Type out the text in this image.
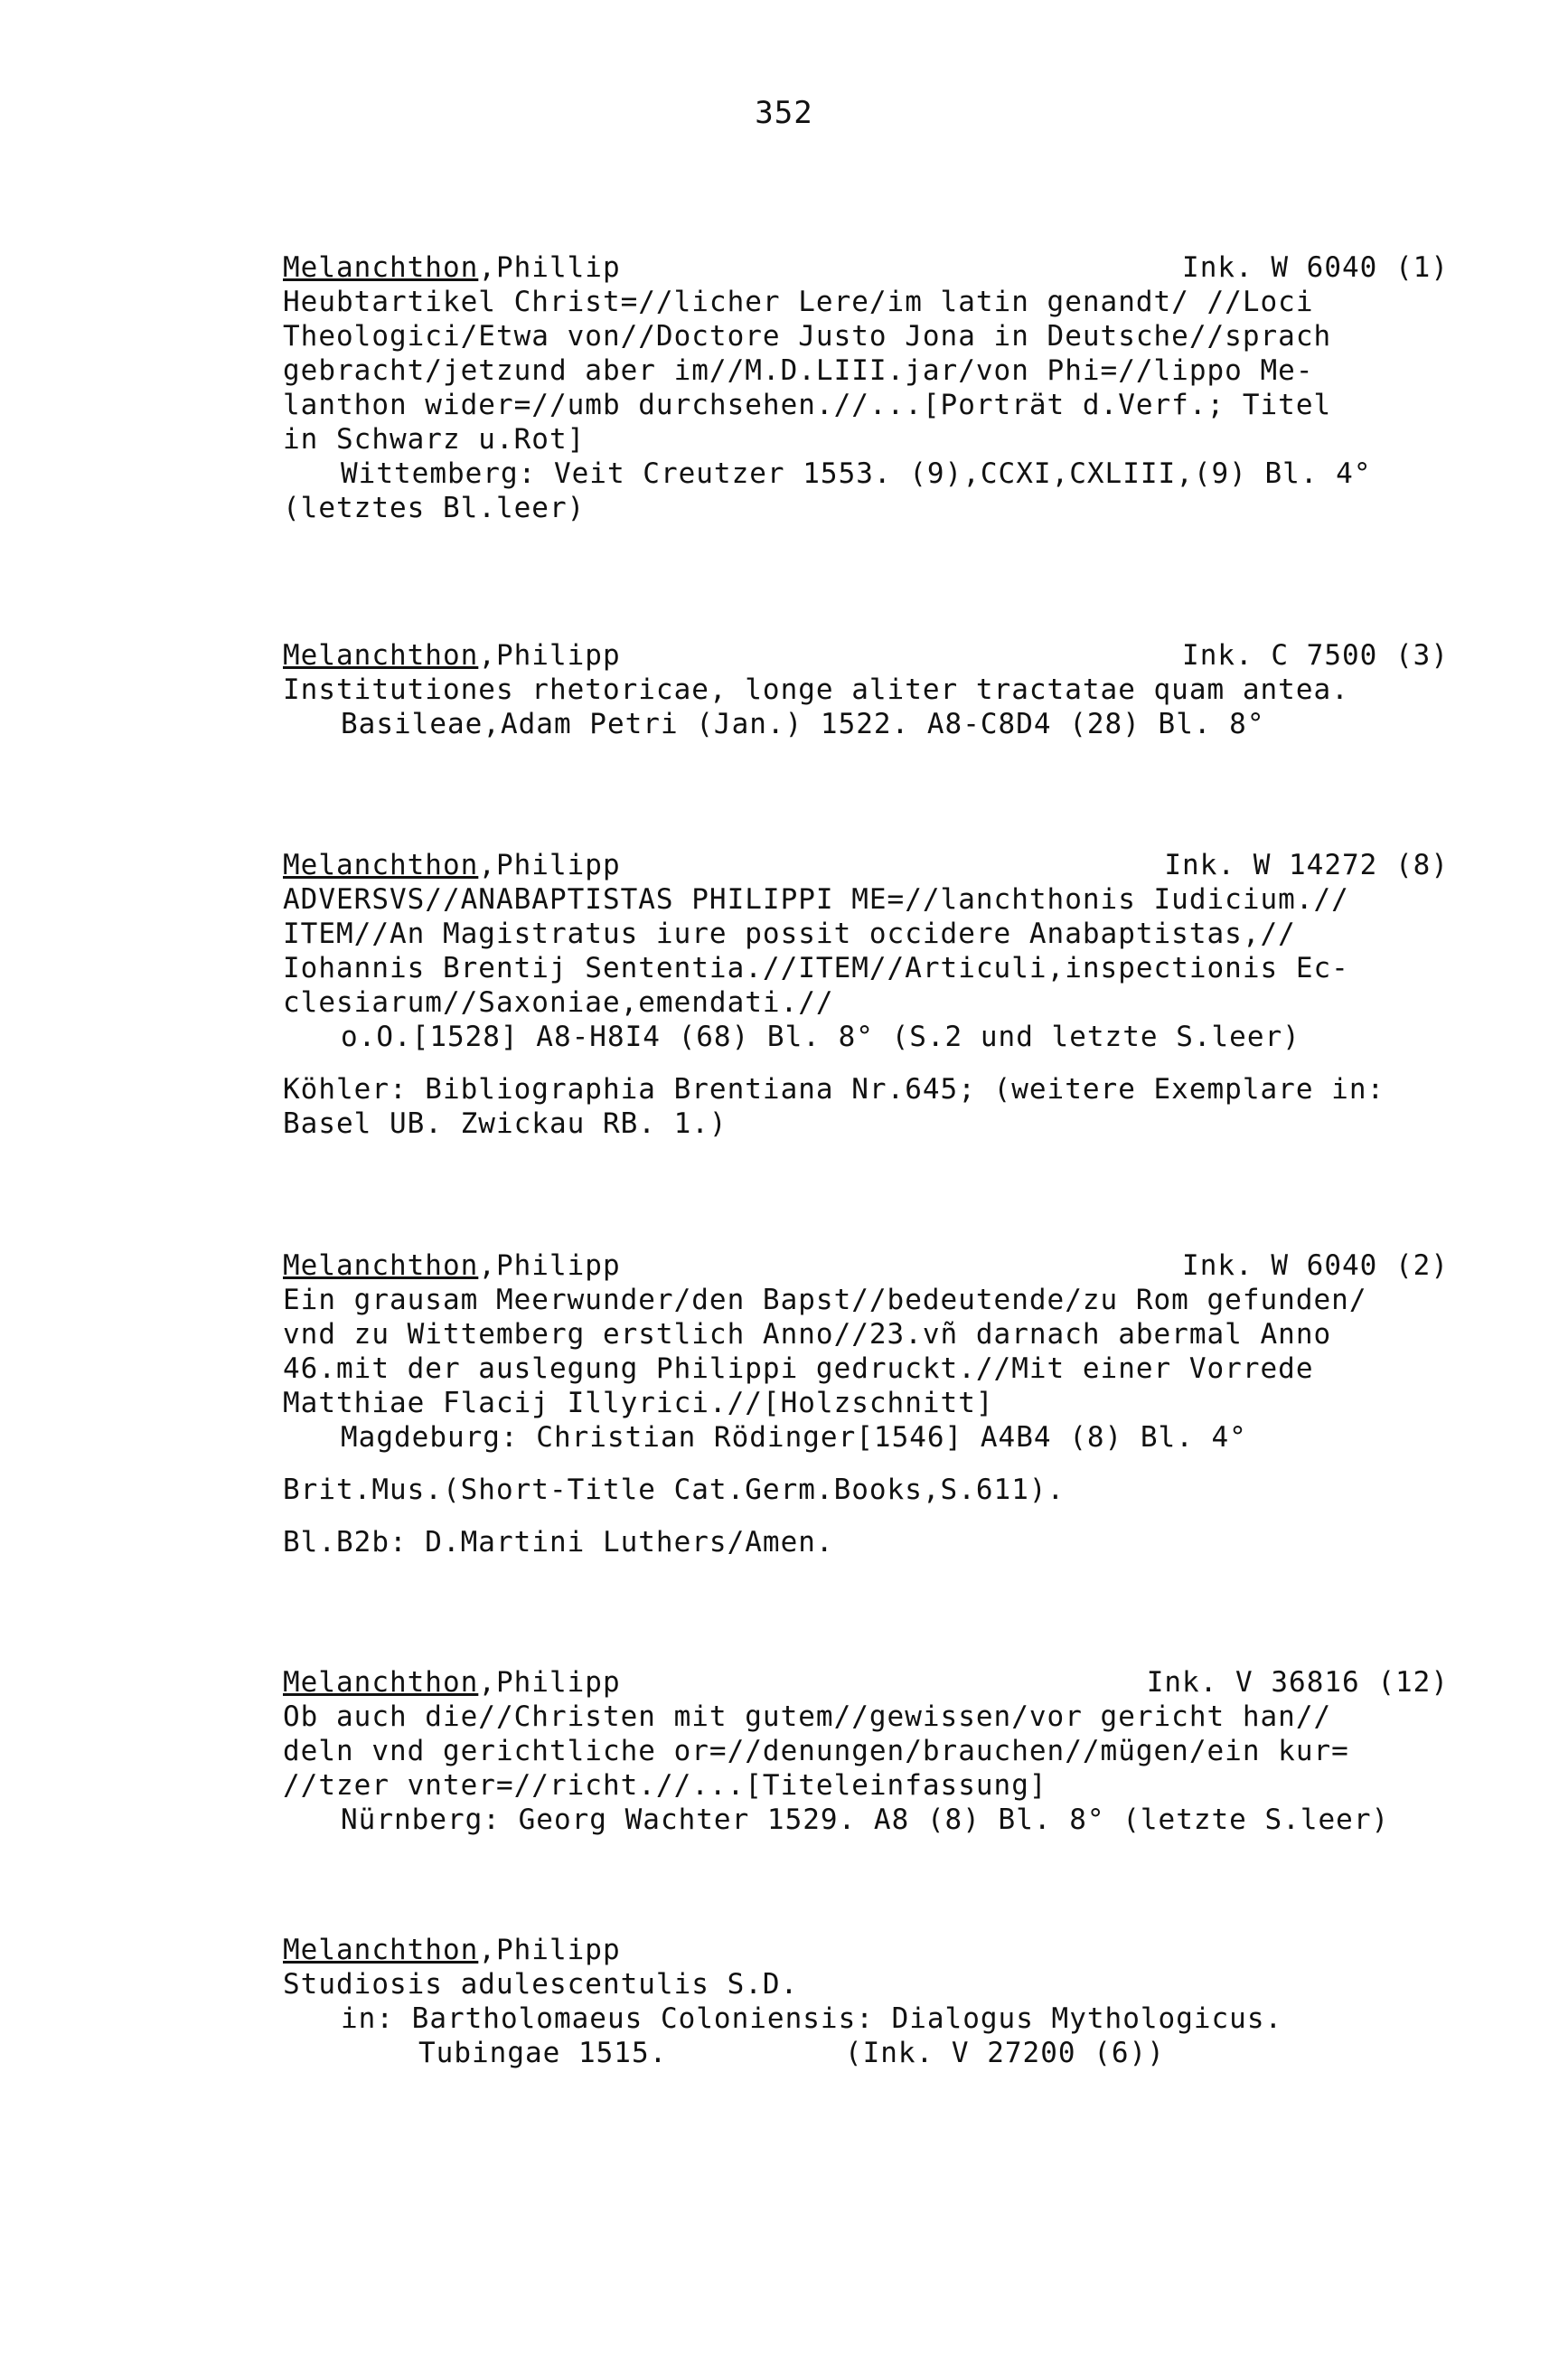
352
Melanchthon,Phillip	Ink. W 6040 (1)
Heubtartikel Christ=//licher Lere/im latin genandt/ //Loci
Theologici/Etwa von//Doctore Justo Jona in Deutsche//sprach
gebracht/jetzund aber im//M.D.LIII.jar/von Phi=//lippo Me-
lanthon wider=//umb durchsehen.//...[Porträt d.Verf.; Titel
in Schwarz u.Rot]
Wittemberg: Veit Creutzer 1553. (9),CCXI,CXLIII,(9) Bl. 4°
(letztes Bl.leer)
Melanchthon,Philipp	Ink. C 7500 (3)
Institutiones rhetoricae, longe aliter tractatae quam antea.
Basileae,Adam Petri (Jan.) 1522. A8-C8D4 (28) Bl. 8°
Melanchthon,Philipp	Ink. W 14272 (8)
ADVERSVS//ANABAPTISTAS PHILIPPI ME=//lanchthonis Iudicium.//
ITEM//An Magistratus iure possit occidere Anabaptistas,//
Iohannis Brentij Sententia.//ITEM//Articuli,inspectionis Ec-
clesiarum//Saxoniae,emendati.//
o.O.[1528] A8-H8I4 (68) Bl. 8° (S.2 und letzte S.leer)
Köhler: Bibliographia Brentiana Nr.645; (weitere Exemplare in:
Basel UB. Zwickau RB. 1.)
Melanchthon,Philipp	Ink. W 6040 (2)
Ein grausam Meerwunder/den Bapst//bedeutende/zu Rom gefunden/
vnd zu Wittemberg erstlich Anno//23.vñ darnach abermal Anno
46.mit der auslegung Philippi gedruckt.//Mit einer Vorrede
Matthiae Flacij Illyrici.//[Holzschnitt]
Magdeburg: Christian Rödinger[1546] A4B4 (8) Bl. 4°
Brit.Mus.(Short-Title Cat.Germ.Books,S.611).
Bl.B2b: D.Martini Luthers/Amen.
Melanchthon,Philipp	Ink. V 36816 (12)
Ob auch die//Christen mit gutem//gewissen/vor gericht han//
deln vnd gerichtliche or=//denungen/brauchen//mügen/ein kur=
//tzer vnter=//richt.//...[Titeleinfassung]
Nürnberg: Georg Wachter 1529. A8 (8) Bl. 8° (letzte S.leer)
Melanchthon,Philipp
Studiosis adulescentulis S.D.
in: Bartholomaeus Coloniensis: Dialogus Mythologicus.
Tubingae 1515.          (Ink. V 27200 (6))
